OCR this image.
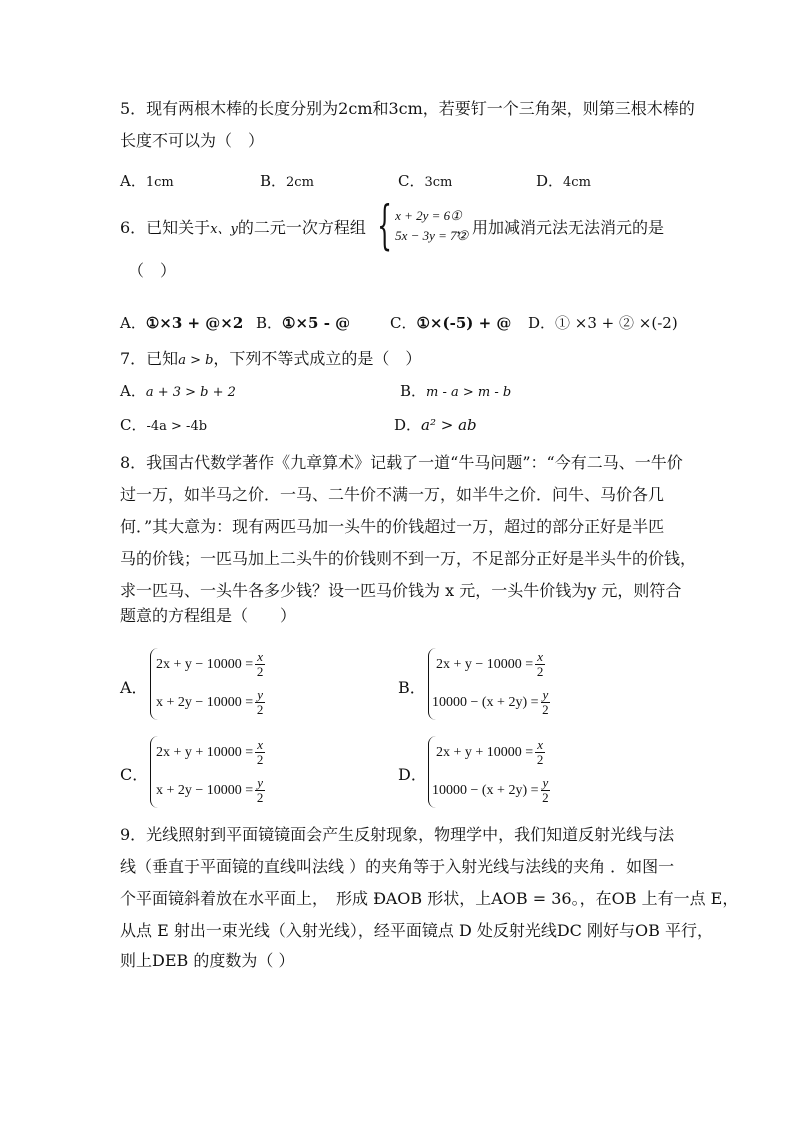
5．现有两根木棒的长度分别为2cm和3cm，若要钉一个三角架，则第三根木棒的
长度不可以为（　）
A．1cm	B．2cm	C．3cm	D．4cm
6．已知关于x、y的二元一次方程组 { x + 2y = 6①
5x − 3y = 7②
，用加减消元法无法消元的是
（　）
A．①×3 + @×2 B．①×5 - @	C．①×(-5) + @ D．① ×3 + ② ×(-2)
7．已知a > b，下列不等式成立的是（　）
A．a + 3 > b + 2	B．m - a > m - b
C．-4a > -4b	D．a² > ab
8．我国古代数学著作《九章算术》记载了一道“牛马问题”：“今有二马、一牛价
过一万，如半马之价．一马、二牛价不满一万，如半牛之价．问牛、马价各几
何．”其大意为：现有两匹马加一头牛的价钱超过一万，超过的部分正好是半匹
马的价钱；一匹马加上二头牛的价钱则不到一万，不足部分正好是半头牛的价钱，
求一匹马、一头牛各多少钱？设一匹马价钱为 x 元，一头牛价钱为y 元，则符合
题意的方程组是（　　）
A．
$2x + y - 10000 = \frac{x}{2}$
$x + 2y - 10000 = \frac{y}{2}$
B．
$2x + y - 10000 = \frac{x}{2}$
$10000 - (x + 2y) = \frac{y}{2}$
C．
$2x + y + 10000 = \frac{x}{2}$
$x + 2y - 10000 = \frac{y}{2}$
D．
$2x + y + 10000 = \frac{x}{2}$
$10000 - (x + 2y) = \frac{y}{2}$
9．光线照射到平面镜镜面会产生反射现象，物理学中，我们知道反射光线与法
线（垂直于平面镜的直线叫法线 ）的夹角等于入射光线与法线的夹角 ．如图一
个平面镜斜着放在水平面上，　形成 ÐAOB 形状，上AOB = 36。，在OB 上有一点 E，
从点 E 射出一束光线（入射光线），经平面镜点 D 处反射光线DC 刚好与OB 平行，
则上DEB 的度数为（ ）
